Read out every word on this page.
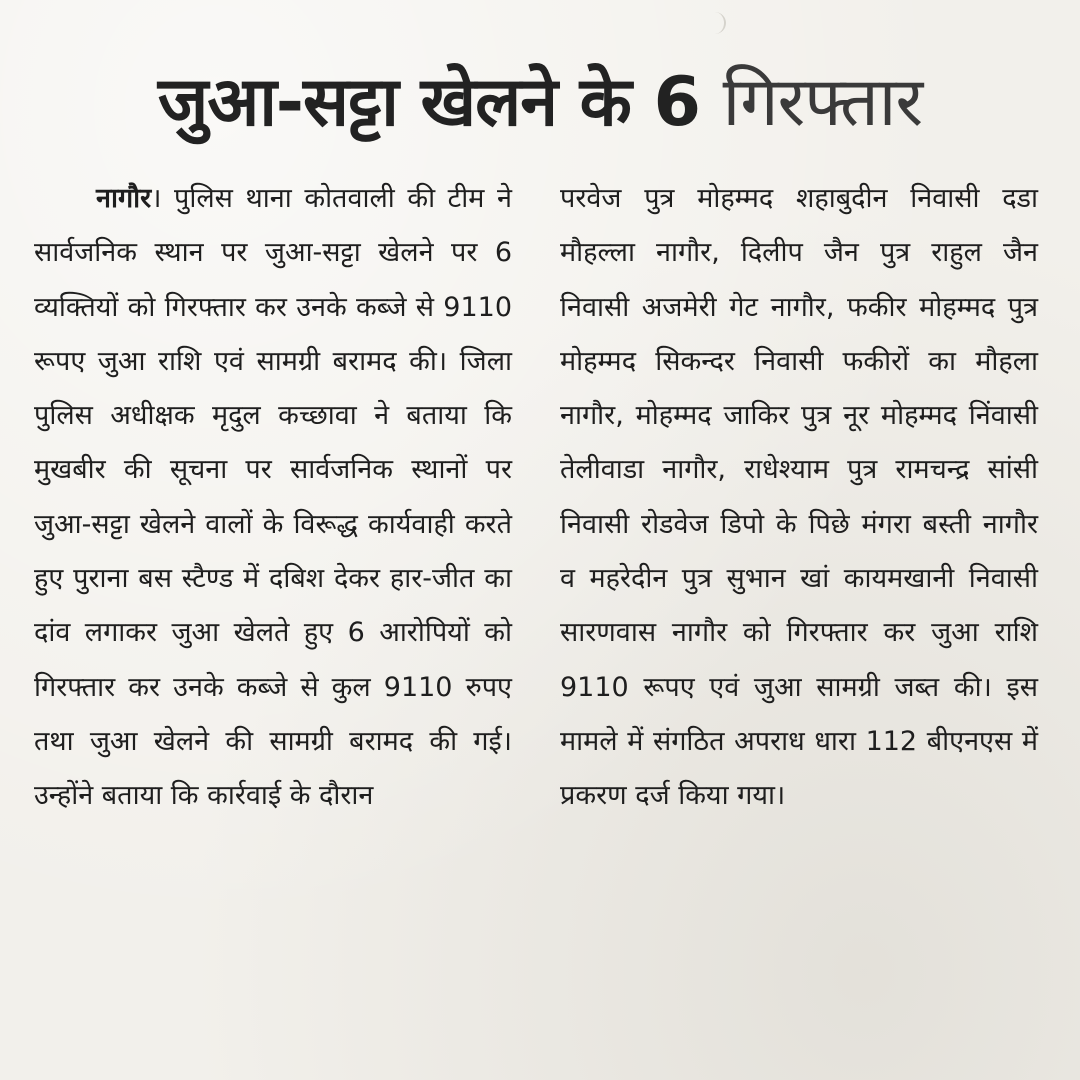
जुआ-सट्टा खेलने के 6 गिरफ्तार

नागौर। पुलिस थाना कोतवाली की टीम ने सार्वजनिक स्थान पर जुआ-सट्टा खेलने पर 6 व्यक्तियों को गिरफ्तार कर उनके कब्जे से 9110 रूपए जुआ राशि एवं सामग्री बरामद की। जिला पुलिस अधीक्षक मृदुल कच्छावा ने बताया कि मुखबीर की सूचना पर सार्वजनिक स्थानों पर जुआ-सट्टा खेलने वालों के विरूद्ध कार्यवाही करते हुए पुराना बस स्टैण्ड में दबिश देकर हार-जीत का दांव लगाकर जुआ खेलते हुए 6 आरोपियों को गिरफ्तार कर उनके कब्जे से कुल 9110 रुपए तथा जुआ खेलने की सामग्री बरामद की गई। उन्होंने बताया कि कार्रवाई के दौरान

परवेज पुत्र मोहम्मद शहाबुदीन निवासी दडा मौहल्ला नागौर, दिलीप जैन पुत्र राहुल जैन निवासी अजमेरी गेट नागौर, फकीर मोहम्मद पुत्र मोहम्मद सिकन्दर निवासी फकीरों का मौहला नागौर, मोहम्मद जाकिर पुत्र नूर मोहम्मद निंवासी तेलीवाडा नागौर, राधेश्याम पुत्र रामचन्द्र सांसी निवासी रोडवेज डिपो के पिछे मंगरा बस्ती नागौर व महरेदीन पुत्र सुभान खां कायमखानी निवासी सारणवास नागौर को गिरफ्तार कर जुआ राशि 9110 रूपए एवं जुआ सामग्री जब्त की। इस मामले में संगठित अपराध धारा 112 बीएनएस में प्रकरण दर्ज किया गया।
